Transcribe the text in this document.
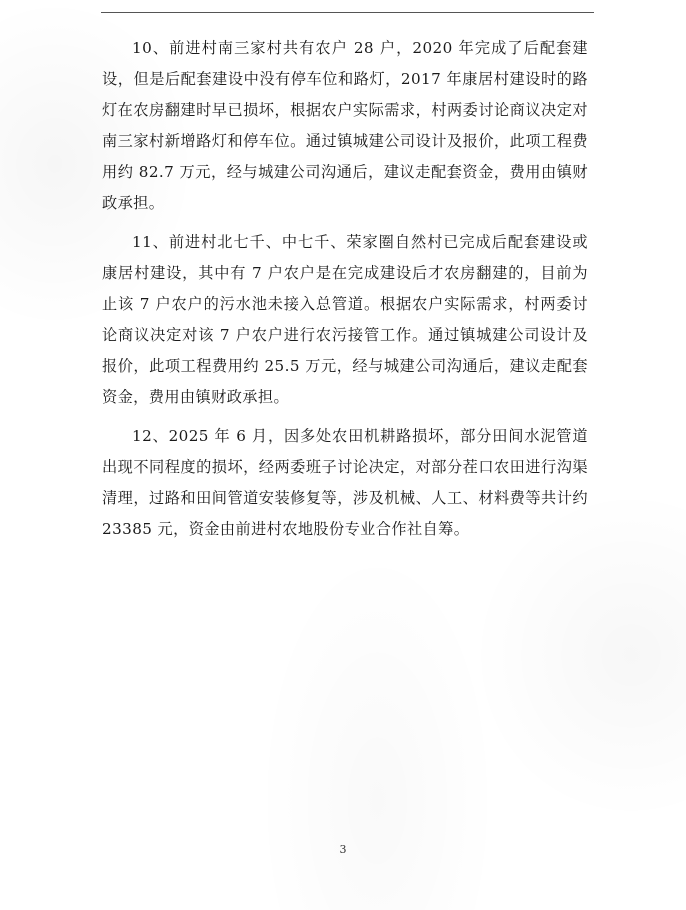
10、前进村南三家村共有农户 28 户，2020 年完成了后配套建设，但是后配套建设中没有停车位和路灯，2017 年康居村建设时的路灯在农房翻建时早已损坏，根据农户实际需求，村两委讨论商议决定对南三家村新增路灯和停车位。通过镇城建公司设计及报价，此项工程费用约 82.7 万元，经与城建公司沟通后，建议走配套资金，费用由镇财政承担。

11、前进村北七千、中七千、荣家圈自然村已完成后配套建设或康居村建设，其中有 7 户农户是在完成建设后才农房翻建的，目前为止该 7 户农户的污水池未接入总管道。根据农户实际需求，村两委讨论商议决定对该 7 户农户进行农污接管工作。通过镇城建公司设计及报价，此项工程费用约 25.5 万元，经与城建公司沟通后，建议走配套资金，费用由镇财政承担。

12、2025 年 6 月，因多处农田机耕路损坏，部分田间水泥管道出现不同程度的损坏，经两委班子讨论决定，对部分茬口农田进行沟渠清理，过路和田间管道安装修复等，涉及机械、人工、材料费等共计约 23385 元，资金由前进村农地股份专业合作社自筹。

3
